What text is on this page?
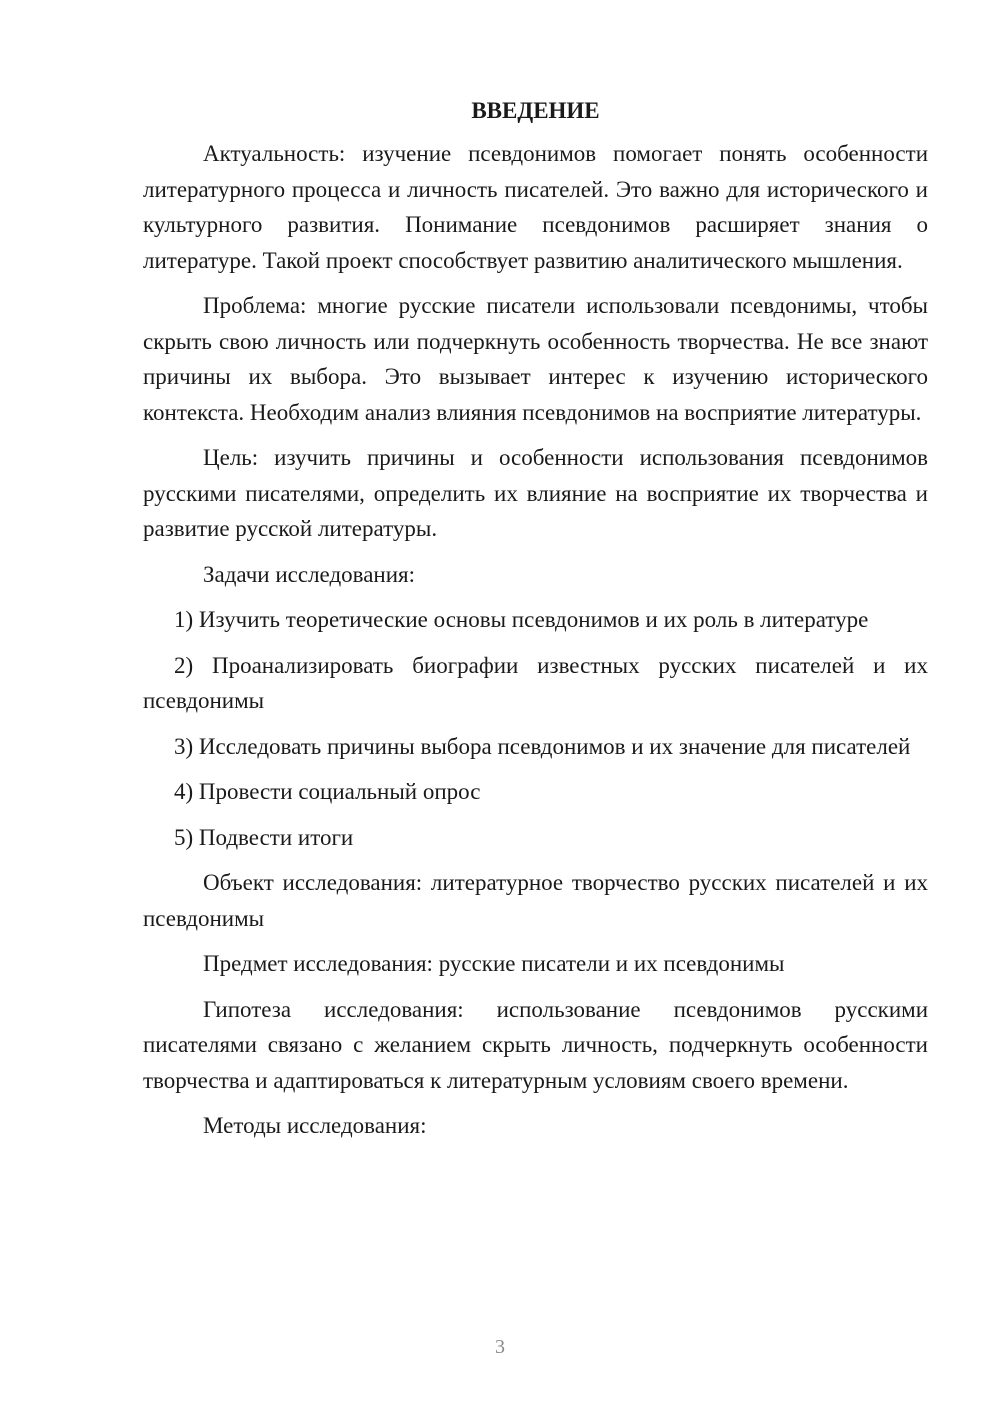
ВВЕДЕНИЕ

Актуальность: изучение псевдонимов помогает понять особенности литературного процесса и личность писателей. Это важно для исторического и культурного развития. Понимание псевдонимов расширяет знания о литературе. Такой проект способствует развитию аналитического мышления.

Проблема: многие русские писатели использовали псевдонимы, чтобы скрыть свою личность или подчеркнуть особенность творчества. Не все знают причины их выбора. Это вызывает интерес к изучению исторического контекста. Необходим анализ влияния псевдонимов на восприятие литературы.

Цель: изучить причины и особенности использования псевдонимов русскими писателями, определить их влияние на восприятие их творчества и развитие русской литературы.

Задачи исследования:

1) Изучить теоретические основы псевдонимов и их роль в литературе

2) Проанализировать биографии известных русских писателей и их псевдонимы

3) Исследовать причины выбора псевдонимов и их значение для писателей

4) Провести социальный опрос

5) Подвести итоги

Объект исследования: литературное творчество русских писателей и их псевдонимы

Предмет исследования: русские писатели и их псевдонимы

Гипотеза исследования: использование псевдонимов русскими писателями связано с желанием скрыть личность, подчеркнуть особенности творчества и адаптироваться к литературным условиям своего времени.

Методы исследования:

3
